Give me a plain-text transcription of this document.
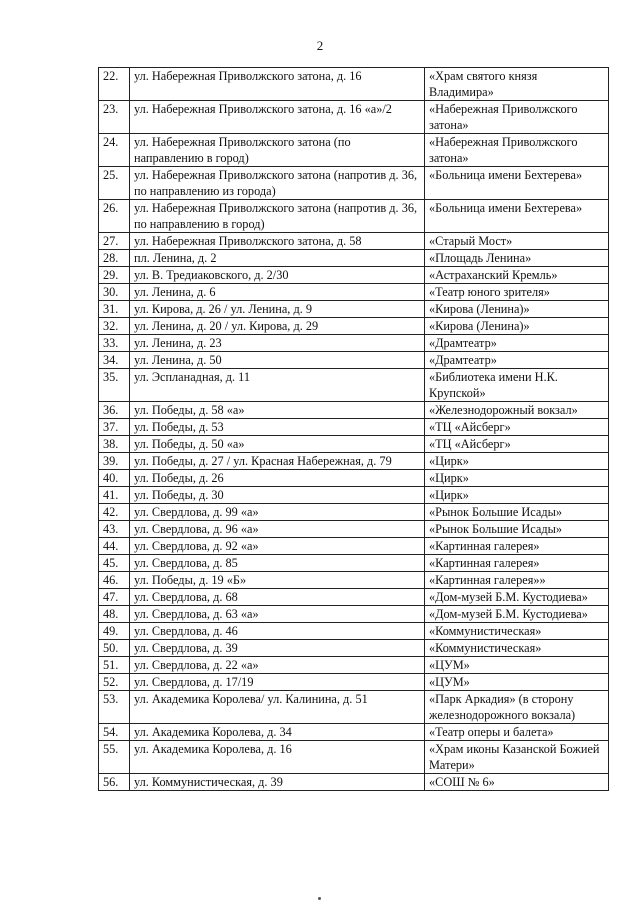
2
22.	ул. Набережная Приволжского затона, д. 16	«Храм святого князя Владимира»
23.	ул. Набережная Приволжского затона, д. 16 «а»/2	«Набережная Приволжского затона»
24.	ул. Набережная Приволжского затона (по направлению в город)	«Набережная Приволжского затона»
25.	ул. Набережная Приволжского затона (напротив д. 36, по направлению из города)	«Больница имени Бехтерева»
26.	ул. Набережная Приволжского затона (напротив д. 36, по направлению в город)	«Больница имени Бехтерева»
27.	ул. Набережная Приволжского затона, д. 58	«Старый Мост»
28.	пл. Ленина, д. 2	«Площадь Ленина»
29.	ул. В. Тредиаковского, д. 2/30	«Астраханский Кремль»
30.	ул. Ленина, д. 6	«Театр юного зрителя»
31.	ул. Кирова, д. 26 / ул. Ленина, д. 9	«Кирова (Ленина)»
32.	ул. Ленина, д. 20 / ул. Кирова, д. 29	«Кирова (Ленина)»
33.	ул. Ленина, д. 23	«Драмтеатр»
34.	ул. Ленина, д. 50	«Драмтеатр»
35.	ул. Эспланадная, д. 11	«Библиотека имени Н.К. Крупской»
36.	ул. Победы, д. 58 «а»	«Железнодорожный вокзал»
37.	ул. Победы, д. 53	«ТЦ «Айсберг»
38.	ул. Победы, д. 50 «а»	«ТЦ «Айсберг»
39.	ул. Победы, д. 27 / ул. Красная Набережная, д. 79	«Цирк»
40.	ул. Победы, д. 26	«Цирк»
41.	ул. Победы, д. 30	«Цирк»
42.	ул. Свердлова, д. 99 «а»	«Рынок Большие Исады»
43.	ул. Свердлова, д. 96 «а»	«Рынок Большие Исады»
44.	ул. Свердлова, д. 92 «а»	«Картинная галерея»
45.	ул. Свердлова, д. 85	«Картинная галерея»
46.	ул. Победы, д. 19 «Б»	«Картинная галерея»»
47.	ул. Свердлова, д. 68	«Дом-музей Б.М. Кустодиева»
48.	ул. Свердлова, д. 63 «а»	«Дом-музей Б.М. Кустодиева»
49.	ул. Свердлова, д. 46	«Коммунистическая»
50.	ул. Свердлова, д. 39	«Коммунистическая»
51.	ул. Свердлова, д. 22 «а»	«ЦУМ»
52.	ул. Свердлова, д. 17/19	«ЦУМ»
53.	ул. Академика Королева/ ул. Калинина, д. 51	«Парк Аркадия» (в сторону железнодорожного вокзала)
54.	ул. Академика Королева, д. 34	«Театр оперы и балета»
55.	ул. Академика Королева, д. 16	«Храм иконы Казанской Божией Матери»
56.	ул. Коммунистическая, д. 39	«СОШ № 6»
